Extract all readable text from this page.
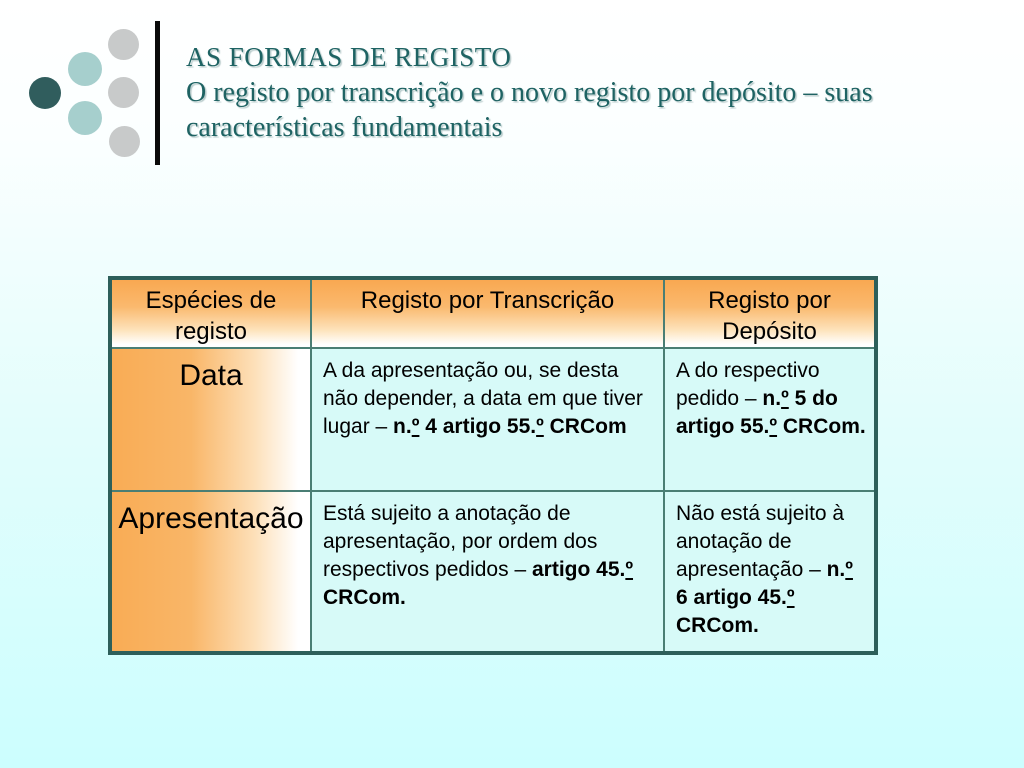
AS FORMAS DE REGISTO
O registo por transcrição e o novo registo por depósito – suas
características fundamentais
Espécies de registo	Registo por Transcrição	Registo por Depósito
Data	A da apresentação ou, se desta não depender, a data em que tiver lugar – n.º 4 artigo 55.º CRCom	A do respectivo pedido – n.º 5 do artigo 55.º CRCom.
Apresentação	Está sujeito a anotação de apresentação, por ordem dos respectivos pedidos – artigo 45.º CRCom.	Não está sujeito à anotação de apresentação – n.º 6 artigo 45.º CRCom.
